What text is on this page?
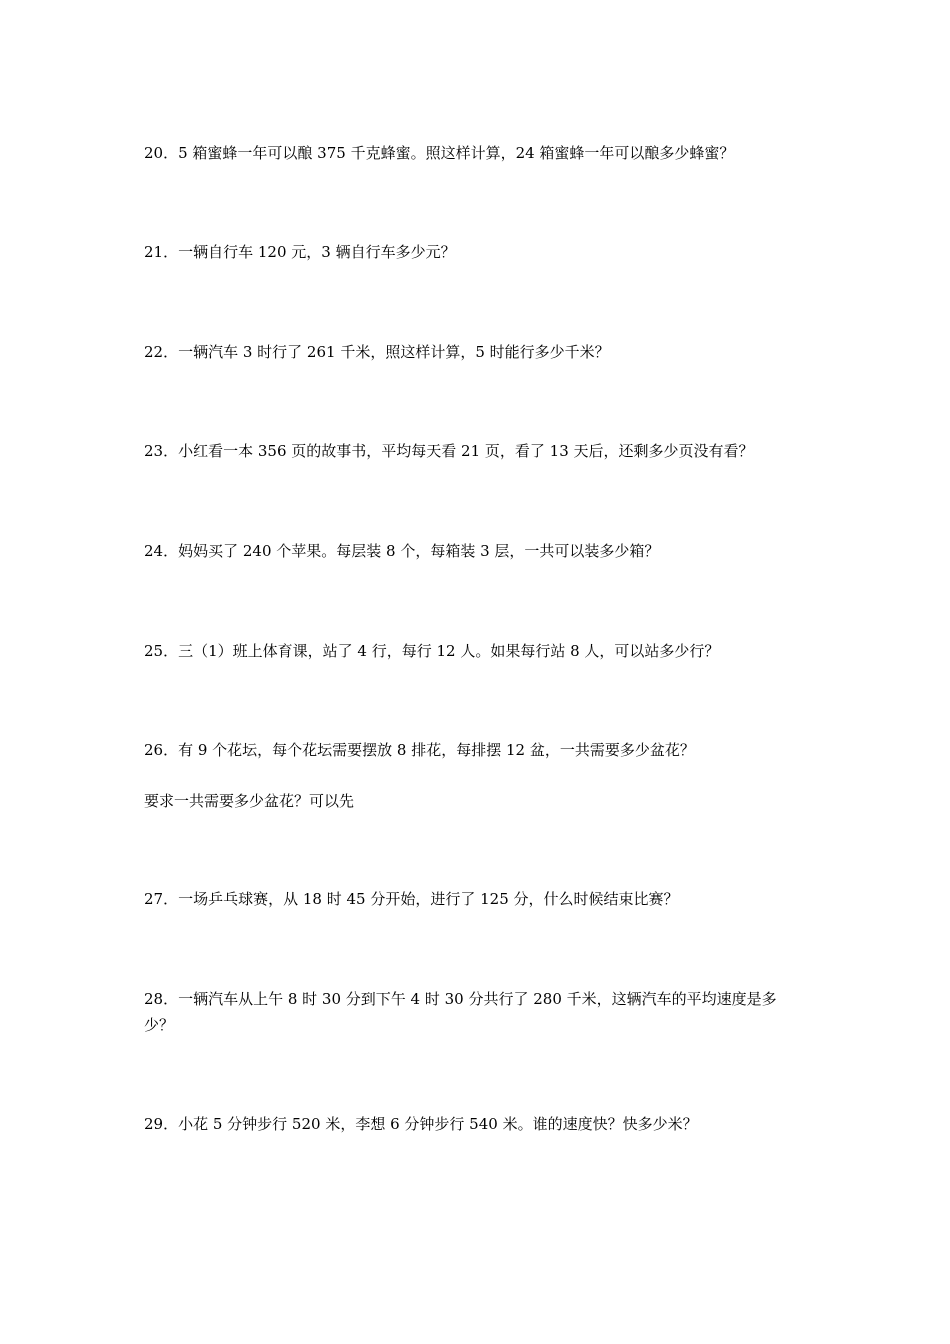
20．5 箱蜜蜂一年可以酿 375 千克蜂蜜。照这样计算，24 箱蜜蜂一年可以酿多少蜂蜜？
21．一辆自行车 120 元，3 辆自行车多少元？
22．一辆汽车 3 时行了 261 千米，照这样计算，5 时能行多少千米？
23．小红看一本 356 页的故事书，平均每天看 21 页，看了 13 天后，还剩多少页没有看？
24．妈妈买了 240 个苹果。每层装 8 个，每箱装 3 层，一共可以装多少箱？
25．三（1）班上体育课，站了 4 行，每行 12 人。如果每行站 8 人，可以站多少行？
26．有 9 个花坛，每个花坛需要摆放 8 排花，每排摆 12 盆，一共需要多少盆花？
要求一共需要多少盆花？可以先
27．一场乒乓球赛，从 18 时 45 分开始，进行了 125 分，什么时候结束比赛？
28．一辆汽车从上午 8 时 30 分到下午 4 时 30 分共行了 280 千米，这辆汽车的平均速度是多
少？
29．小花 5 分钟步行 520 米，李想 6 分钟步行 540 米。谁的速度快？快多少米？
